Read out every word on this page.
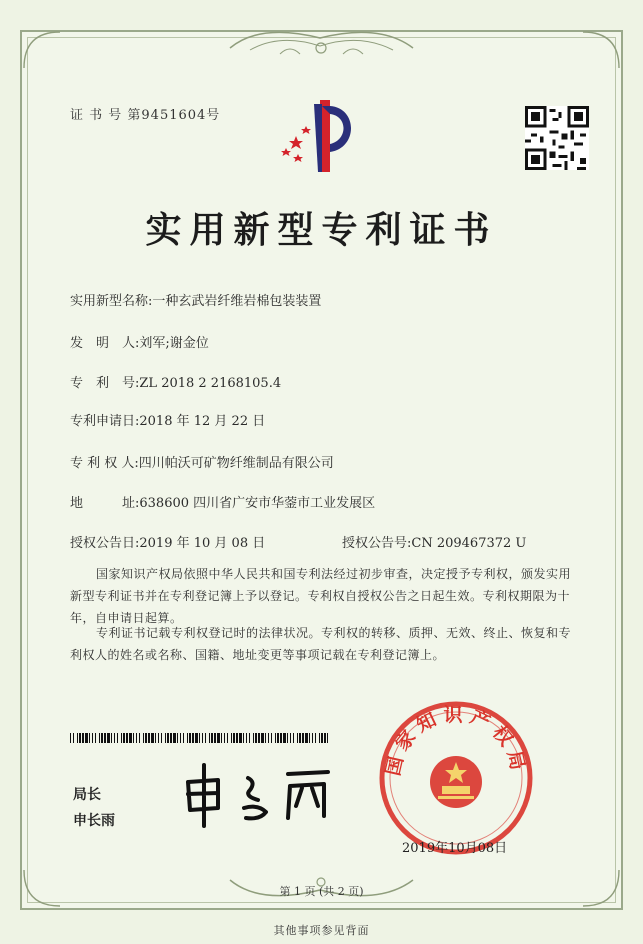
证 书 号 第9451604号
实用新型专利证书
实用新型名称:一种玄武岩纤维岩棉包装装置
发　明　人:刘军;谢金位
专　利　号:ZL 2018 2 2168105.4
专利申请日:2018 年 12 月 22 日
专 利 权 人:四川帕沃可矿物纤维制品有限公司
地　　　址:638600 四川省广安市华蓥市工业发展区
授权公告日:2019 年 10 月 08 日	授权公告号:CN 209467372 U
国家知识产权局依照中华人民共和国专利法经过初步审查，决定授予专利权，颁发实用新型专利证书并在专利登记簿上予以登记。专利权自授权公告之日起生效。专利权期限为十年，自申请日起算。
专利证书记载专利权登记时的法律状况。专利权的转移、质押、无效、终止、恢复和专利权人的姓名或名称、国籍、地址变更等事项记载在专利登记簿上。
局长
申长雨
国家知识产权局
2019年10月08日
第 1 页 (共 2 页)
其他事项参见背面
